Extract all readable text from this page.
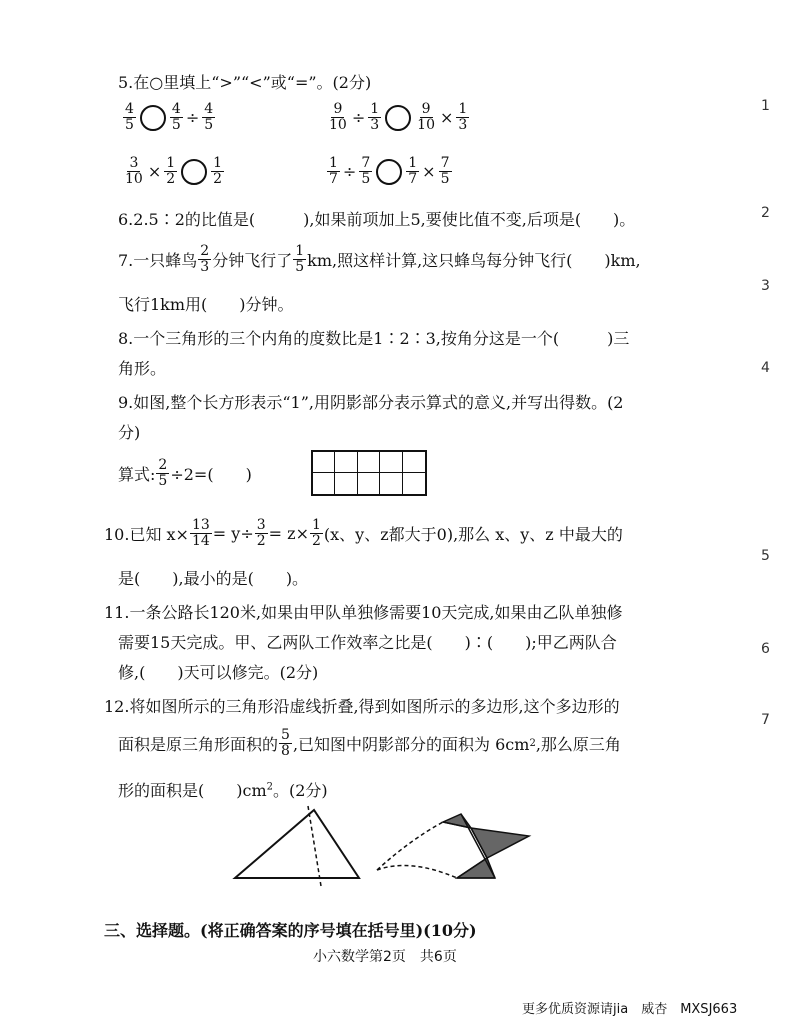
5.在○里填上“>”“<”或“=”。(2分)
$\frac{4}{5} \frac{4}{5} \div \frac{4}{5}$	$\frac{9}{10} \div \frac{1}{3} \frac{9}{10} \times \frac{1}{3}$
$\frac{3}{10} \times \frac{1}{2} \frac{1}{2}$	$\frac{1}{7} \div \frac{7}{5} \frac{1}{7} \times \frac{7}{5}$
6.2.5∶2的比值是(　　　),如果前项加上5,要使比值不变,后项是(　　)。
7.一只蜂鸟 $\frac{2}{3}$ 分钟飞行了 $\frac{1}{5}$ km,照这样计算,这只蜂鸟每分钟飞行(　　)km,
飞行1km用(　　)分钟。
8.一个三角形的三个内角的度数比是1∶2∶3,按角分这是一个(　　　)三
角形。
9.如图,整个长方形表示“1”,用阴影部分表示算式的意义,并写出得数。(2
分)
算式: $\frac{2}{5} \div 2=$(　　)
10.已知 $x\times \frac{13}{14} = y\div \frac{3}{2} = z\times \frac{1}{2} (x$、y、z都大于0),那么 x、y、z 中最大的
是(　　),最小的是(　　)。
11.一条公路长120米,如果由甲队单独修需要10天完成,如果由乙队单独修
需要15天完成。甲、乙两队工作效率之比是(　　)∶(　　);甲乙两队合
修,(　　)天可以修完。(2分)
12.将如图所示的三角形沿虚线折叠,得到如图所示的多边形,这个多边形的
面积是原三角形面积的 $\frac{5}{8}$ ,已知图中阴影部分的面积为 6cm 2 ,那么原三角
形的面积是(　　)$cm^2$。(2分)
三、选择题。(将正确答案的序号填在括号里)(10分)
小六数学第2页　共6页
更多优质资源请jia　威杏　MXSJ663
1
2
3
4
5
6
7
